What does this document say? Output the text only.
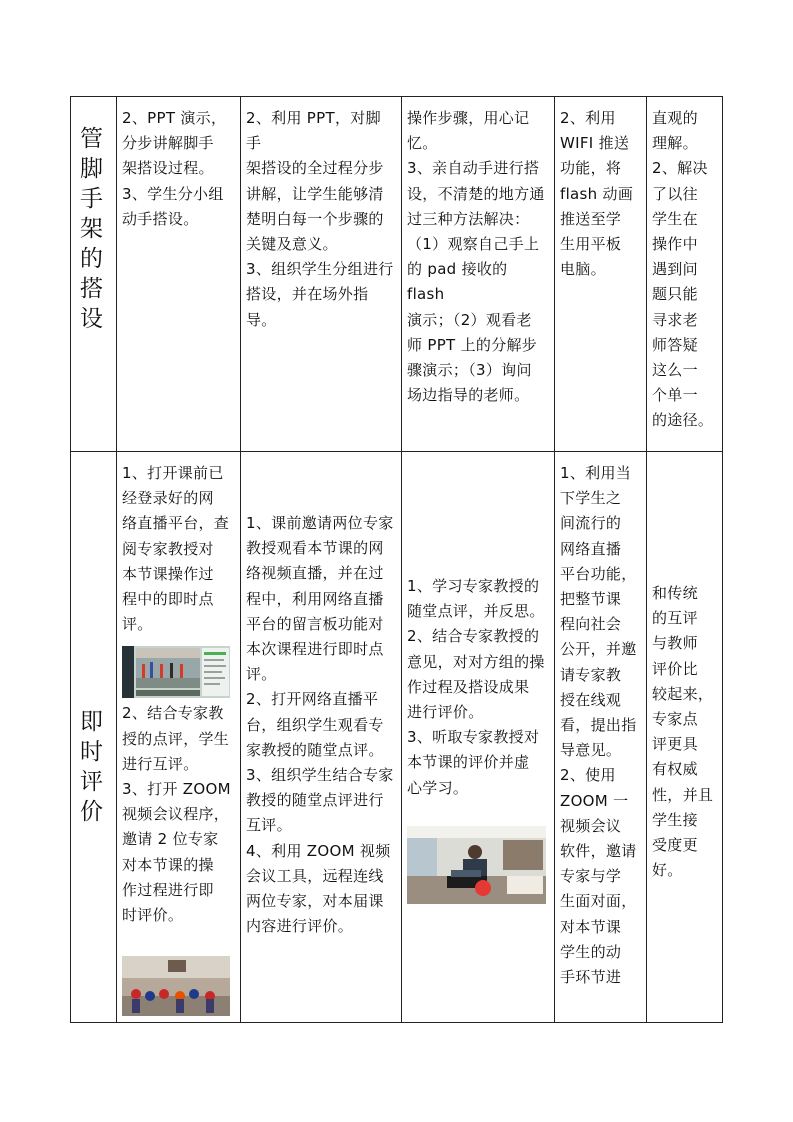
管
脚
手
架
的
搭
设

2、PPT 演示，
分步讲解脚手
架搭设过程。
3、学生分小组
动手搭设。

2、利用 PPT，对脚手
架搭设的全过程分步
讲解，让学生能够清
楚明白每一个步骤的
关键及意义。
3、组织学生分组进行
搭设，并在场外指导。

操作步骤，用心记
忆。
3、亲自动手进行搭
设，不清楚的地方通
过三种方法解决：
（1）观察自己手上
的 pad 接收的 flash
演示；（2）观看老
师 PPT 上的分解步
骤演示；（3）询问
场边指导的老师。

2、利用
WIFI 推送
功能，将
flash 动画
推送至学
生用平板
电脑。

直观的
理解。
2、解决
了以往
学生在
操作中
遇到问
题只能
寻求老
师答疑
这么一
个单一
的途径。

即
时
评
价

1、打开课前已
经登录好的网
络直播平台，查
阅专家教授对
本节课操作过
程中的即时点
评。

2、结合专家教
授的点评，学生
进行互评。
3、打开 ZOOM
视频会议程序，
邀请 2 位专家
对本节课的操
作过程进行即
时评价。

1、课前邀请两位专家
教授观看本节课的网
络视频直播，并在过
程中，利用网络直播
平台的留言板功能对
本次课程进行即时点
评。
2、打开网络直播平
台，组织学生观看专
家教授的随堂点评。
3、组织学生结合专家
教授的随堂点评进行
互评。
4、利用 ZOOM 视频
会议工具，远程连线
两位专家，对本届课
内容进行评价。

1、学习专家教授的
随堂点评，并反思。
2、结合专家教授的
意见，对对方组的操
作过程及搭设成果
进行评价。
3、听取专家教授对
本节课的评价并虚
心学习。

1、利用当
下学生之
间流行的
网络直播
平台功能，
把整节课
程向社会
公开，并邀
请专家教
授在线观
看，提出指
导意见。
2、使用
ZOOM 一
视频会议
软件，邀请
专家与学
生面对面，
对本节课
学生的动
手环节进

和传统
的互评
与教师
评价比
较起来，
专家点
评更具
有权威
性，并且
学生接
受度更
好。
